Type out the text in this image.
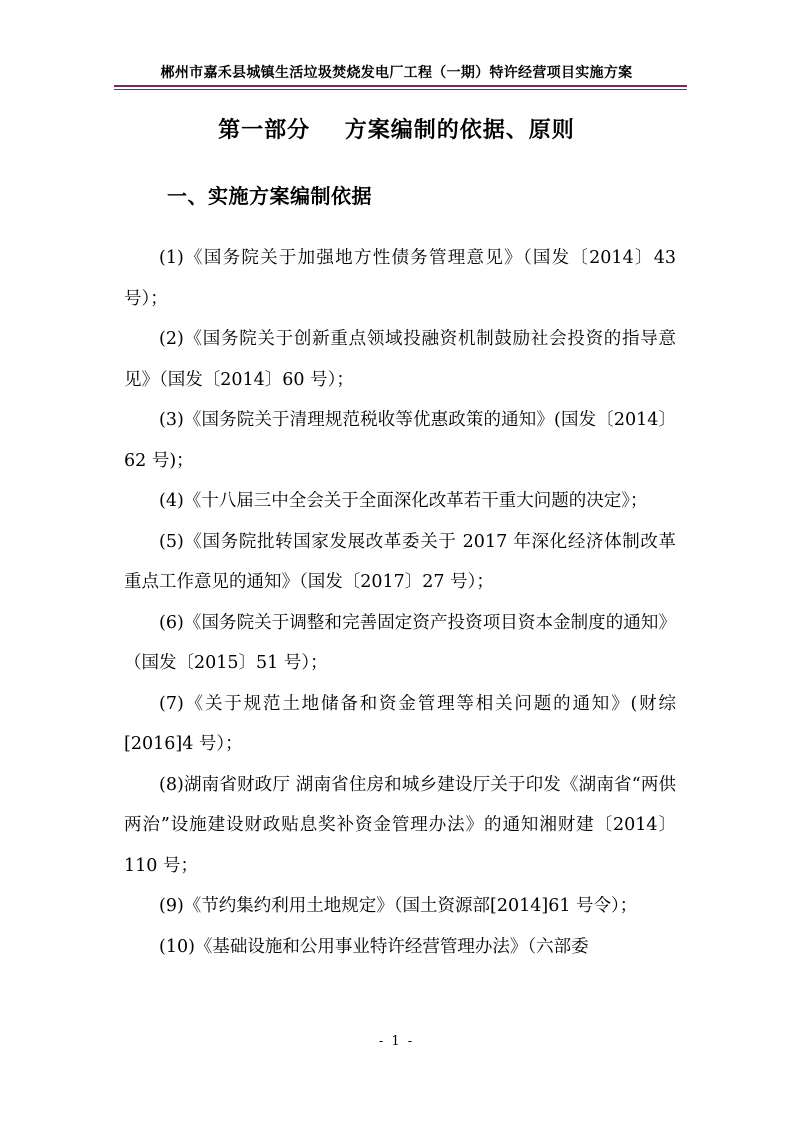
郴州市嘉禾县城镇生活垃圾焚烧发电厂工程（一期）特许经营项目实施方案
第一部分    方案编制的依据、原则
一、实施方案编制依据

(1)《国务院关于加强地方性债务管理意见》（国发〔2014〕43 号）；

(2)《国务院关于创新重点领域投融资机制鼓励社会投资的指导意见》（国发〔2014〕60 号）；

(3)《国务院关于清理规范税收等优惠政策的通知》(国发〔2014〕62 号)；

(4)《十八届三中全会关于全面深化改革若干重大问题的决定》；

(5)《国务院批转国家发展改革委关于 2017 年深化经济体制改革重点工作意见的通知》（国发〔2017〕27 号）；

(6)《国务院关于调整和完善固定资产投资项目资本金制度的通知》（国发〔2015〕51 号）；

(7)《关于规范土地储备和资金管理等相关问题的通知》(财综[2016]4 号）；

(8)湖南省财政厅 湖南省住房和城乡建设厅关于印发《湖南省“两供两治”设施建设财政贴息奖补资金管理办法》的通知湘财建〔2014〕110 号；

(9)《节约集约利用土地规定》（国土资源部[2014]61 号令）；

(10)《基础设施和公用事业特许经营管理办法》（六部委

- 1 -
